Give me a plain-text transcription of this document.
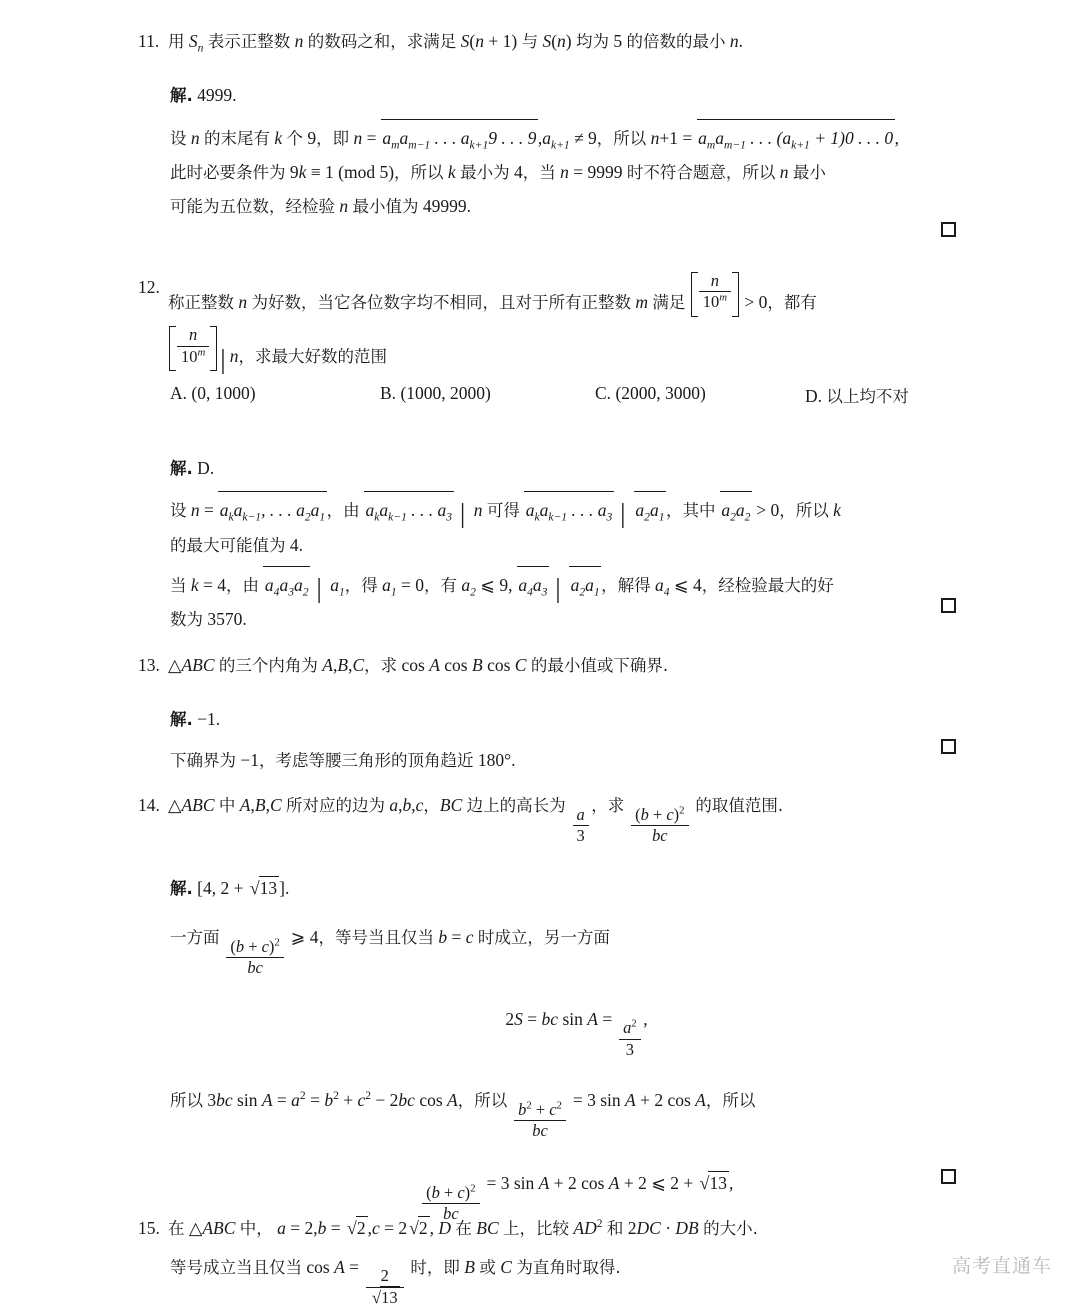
11. 用 $S_n$ 表示正整数 n 的数码之和，求满足 S(n + 1) 与 S(n) 均为 5 的倍数的最小 n.
解. 4999.
设 n 的末尾有 k 个 9，即 $n = a_ma_{m-1}$ . . . $a_{k+1}9$ . . . $9,a_{k+1} \ne 9$，所以 $n+1 = a_ma_{m-1}$ . . . $(a_{k+1} + 1)0$ . . . 0,
此时必要条件为 9k ≡ 1 (mod 5)，所以 k 最小为 4，当 n = 9999 时不符合题意，所以 n 最小
可能为五位数，经检验 n 最小值为 49999.
12.
称正整数 n 为好数，当它各位数字均不相同，且对于所有正整数 m 满足 $\frac{n}{10^m} > 0$，都有
$\frac{n}{10^m}$ | n，求最大好数的范围
A. (0, 1000)	B. (1000, 2000)	C. (2000, 3000)	D. 以上均不对
解. D.
设 $n = a_ka_{k-1}$, . . . $a_2a_1$，由 $a_ka_{k-1}$ . . . $a_3$ | n 可得 $a_ka_{k-1}$ . . . $a_3$ | $a_2a_1$，其中 $a_2a_2 > 0$，所以 k
的最大可能值为 4.
当 k = 4，由 $a_4a_3a_2$ | $a_1$，得 $a_1 = 0$，有 $a_2$ ⩽ 9, $a_4a_3$ | $a_2a_1$，解得 $a_4$ ⩽ 4，经检验最大的好
数为 3570.
13. △ABC 的三个内角为 A,B,C，求 cos A cos B cos C 的最小值或下确界.
解. −1.
下确界为 −1，考虑等腰三角形的顶角趋近 180°.
14. △ABC 中 A,B,C 所对应的边为 a,b,c，BC 边上的高长为
$\frac{a}{3}$
，求
$\frac{(b + c)^2}{bc}$
的取值范围.
解. [4, 2 + √13 ].
一方面
$\frac{(b + c)^2}{bc}$
⩾ 4，等号当且仅当 b = c 时成立，另一方面
2S = bc sin A =
$\frac{a^2}{3}$
,
所以 3bc $\sin A = a^2 = b^2 + c^2 - 2bc$ cos A，所以
$\frac{b^2 + c^2}{bc}$
= 3 sin A + 2 cos A，所以
$\frac{(b + c)^2}{bc}$
= 3 sin A + 2 cos A + 2 ⩽ 2 + √13 ,
等号成立当且仅当 cos A =
$\frac{2}{√13}$
时，即 B 或 C 为直角时取得.
15. 在 △ABC 中， a = 2,b = √2 ,c = 2 √2 , D 在 BC 上，比较 $AD^2$ 和 2DC · DB 的大小.
高考直通车
